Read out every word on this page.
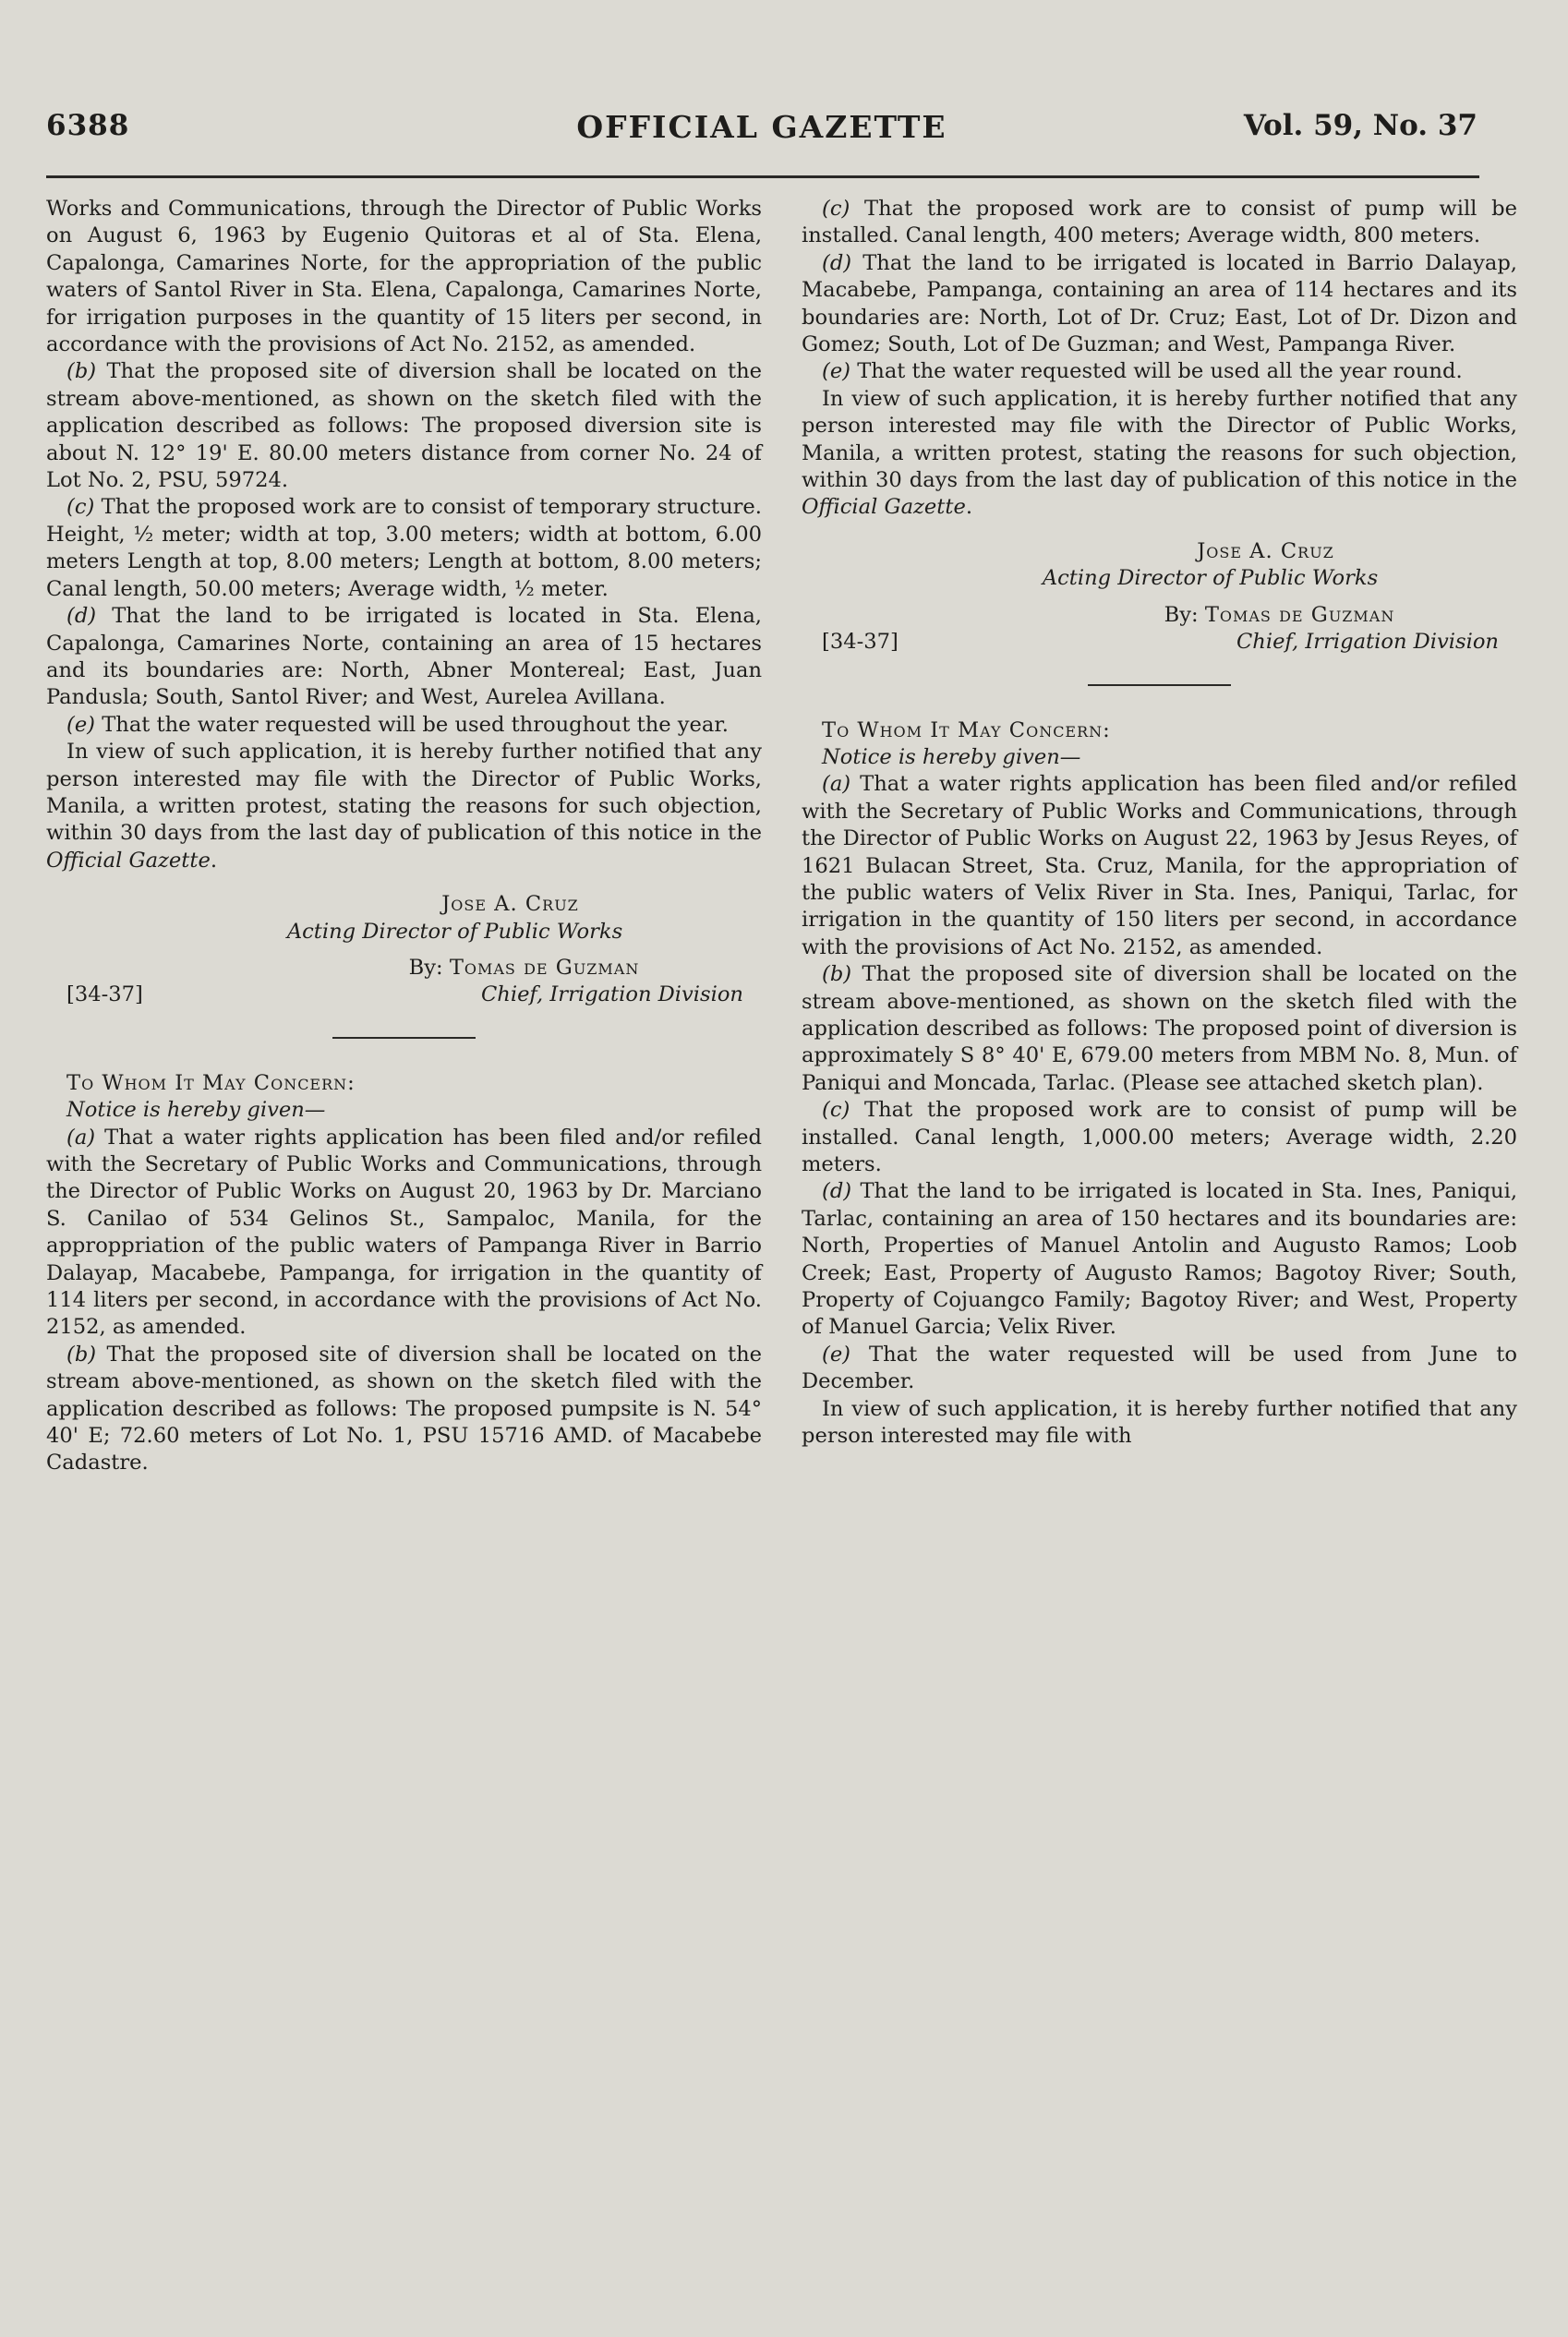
6388	OFFICIAL GAZETTE	Vol. 59, No. 37

Works and Communications, through the Director of Public Works on August 6, 1963 by Eugenio Quitoras et al of Sta. Elena, Capalonga, Camarines Norte, for the appropriation of the public waters of Santol River in Sta. Elena, Capalonga, Camarines Norte, for irrigation purposes in the quantity of 15 liters per second, in accordance with the provisions of Act No. 2152, as amended.

(b) That the proposed site of diversion shall be located on the stream above-mentioned, as shown on the sketch filed with the application described as follows: The proposed diversion site is about N. 12° 19' E. 80.00 meters distance from corner No. 24 of Lot No. 2, PSU, 59724.

(c) That the proposed work are to consist of temporary structure. Height, ½ meter; width at top, 3.00 meters; width at bottom, 6.00 meters Length at top, 8.00 meters; Length at bottom, 8.00 meters; Canal length, 50.00 meters; Average width, ½ meter.

(d) That the land to be irrigated is located in Sta. Elena, Capalonga, Camarines Norte, containing an area of 15 hectares and its boundaries are: North, Abner Montereal; East, Juan Pandusla; South, Santol River; and West, Aurelea Avillana.

(e) That the water requested will be used throughout the year.

In view of such application, it is hereby further notified that any person interested may file with the Director of Public Works, Manila, a written protest, stating the reasons for such objection, within 30 days from the last day of publication of this notice in the Official Gazette.

Jose A. Cruz
Acting Director of Public Works
By: Tomas de Guzman
[34-37]	Chief, Irrigation Division

To Whom It May Concern:

Notice is hereby given—

(a) That a water rights application has been filed and/or refiled with the Secretary of Public Works and Communications, through the Director of Public Works on August 20, 1963 by Dr. Marciano S. Canilao of 534 Gelinos St., Sampaloc, Manila, for the approppriation of the public waters of Pampanga River in Barrio Dalayap, Macabebe, Pampanga, for irrigation in the quantity of 114 liters per second, in accordance with the provisions of Act No. 2152, as amended.

(b) That the proposed site of diversion shall be located on the stream above-mentioned, as shown on the sketch filed with the application described as follows: The proposed pumpsite is N. 54° 40' E; 72.60 meters of Lot No. 1, PSU 15716 AMD. of Macabebe Cadastre.

(c) That the proposed work are to consist of pump will be installed. Canal length, 400 meters; Average width, 800 meters.

(d) That the land to be irrigated is located in Barrio Dalayap, Macabebe, Pampanga, containing an area of 114 hectares and its boundaries are: North, Lot of Dr. Cruz; East, Lot of Dr. Dizon and Gomez; South, Lot of De Guzman; and West, Pampanga River.

(e) That the water requested will be used all the year round.

In view of such application, it is hereby further notified that any person interested may file with the Director of Public Works, Manila, a written protest, stating the reasons for such objection, within 30 days from the last day of publication of this notice in the Official Gazette.

Jose A. Cruz
Acting Director of Public Works
By: Tomas de Guzman
[34-37]	Chief, Irrigation Division

To Whom It May Concern:

Notice is hereby given—

(a) That a water rights application has been filed and/or refiled with the Secretary of Public Works and Communications, through the Director of Public Works on August 22, 1963 by Jesus Reyes, of 1621 Bulacan Street, Sta. Cruz, Manila, for the appropriation of the public waters of Velix River in Sta. Ines, Paniqui, Tarlac, for irrigation in the quantity of 150 liters per second, in accordance with the provisions of Act No. 2152, as amended.

(b) That the proposed site of diversion shall be located on the stream above-mentioned, as shown on the sketch filed with the application described as follows: The proposed point of diversion is approximately S 8° 40' E, 679.00 meters from MBM No. 8, Mun. of Paniqui and Moncada, Tarlac. (Please see attached sketch plan).

(c) That the proposed work are to consist of pump will be installed. Canal length, 1,000.00 meters; Average width, 2.20 meters.

(d) That the land to be irrigated is located in Sta. Ines, Paniqui, Tarlac, containing an area of 150 hectares and its boundaries are: North, Properties of Manuel Antolin and Augusto Ramos; Loob Creek; East, Property of Augusto Ramos; Bagotoy River; South, Property of Cojuangco Family; Bagotoy River; and West, Property of Manuel Garcia; Velix River.

(e) That the water requested will be used from June to December.

In view of such application, it is hereby further notified that any person interested may file with
